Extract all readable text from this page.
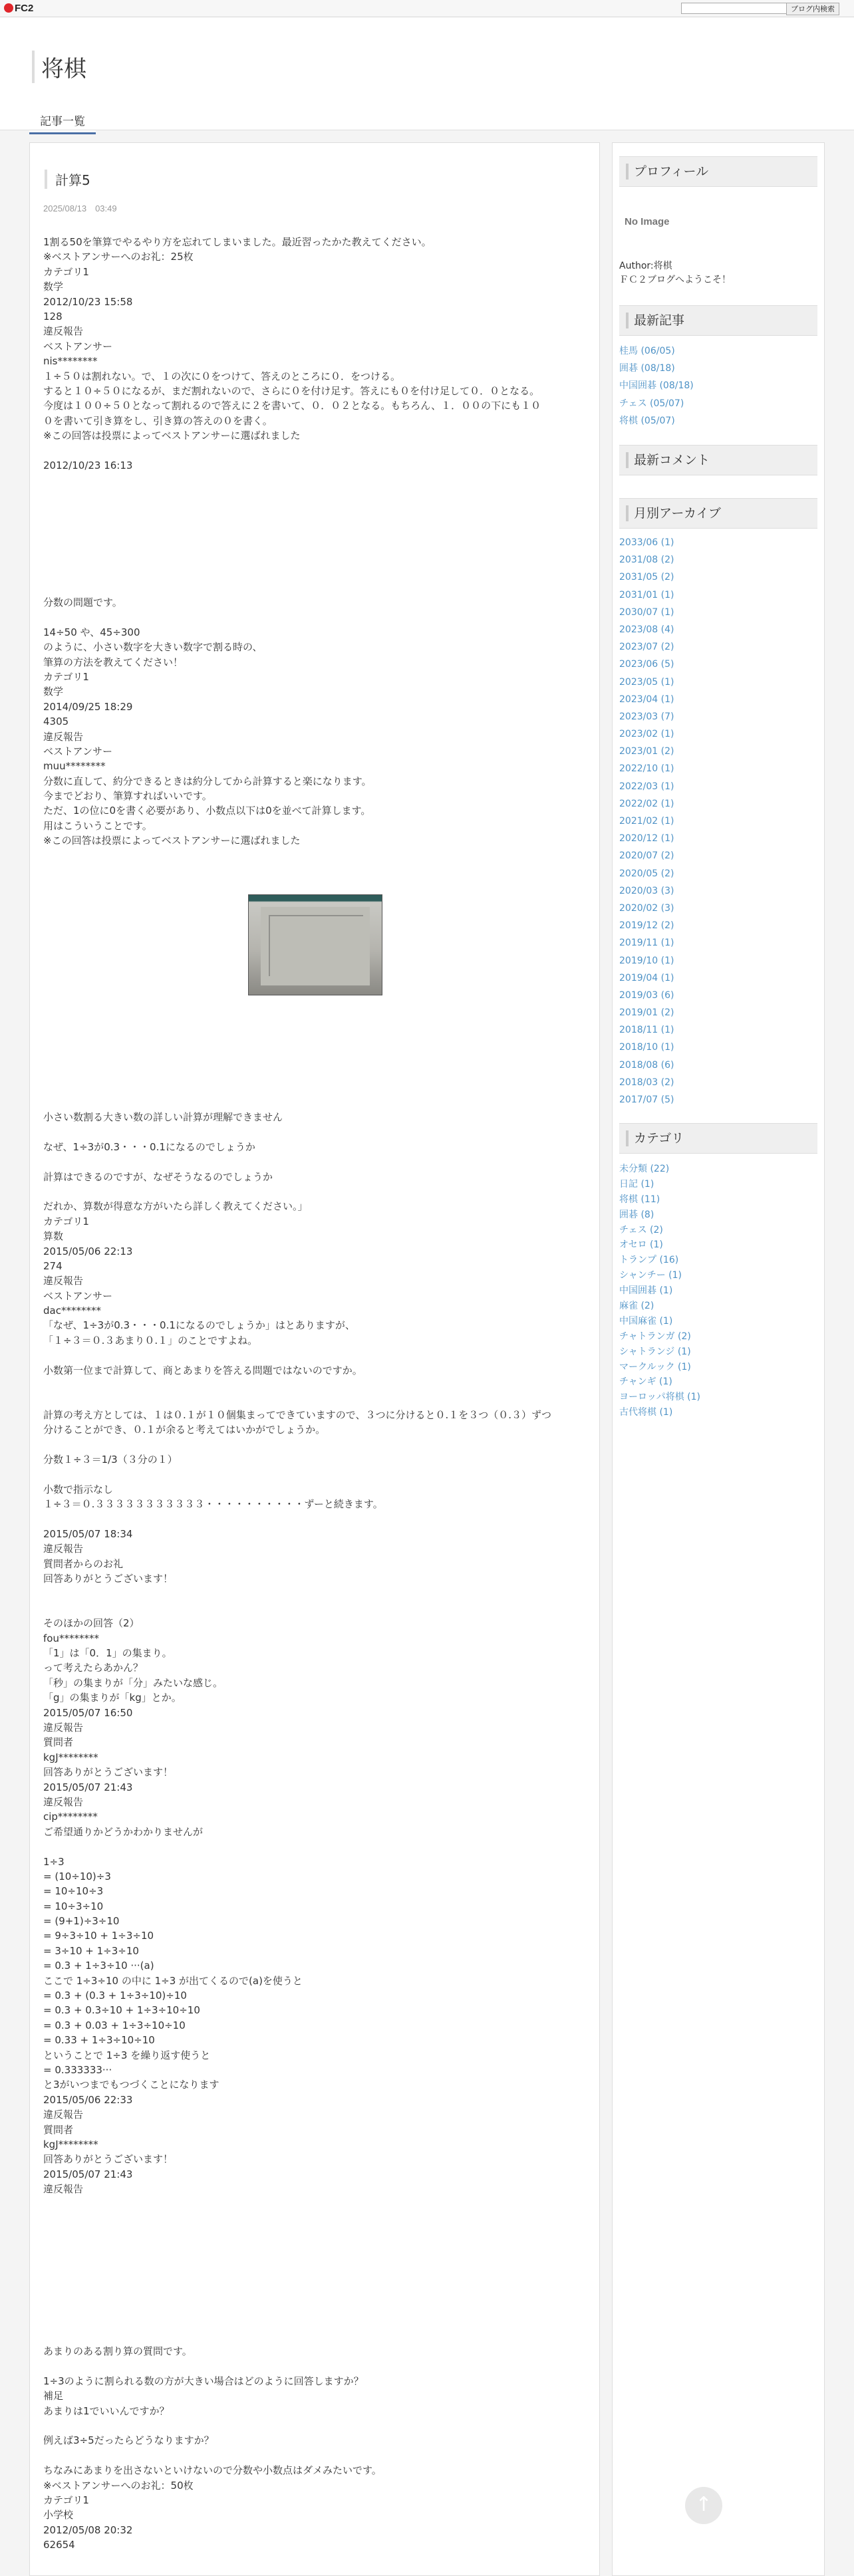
FC2	ブログ内検索
将棋
記事一覧
計算5
2025/08/13　03:49
1割る50を筆算でやるやり方を忘れてしまいました。最近習ったかた教えてください。
※ベストアンサーへのお礼：25枚
カテゴリ1
数学
2012/10/23 15:58
128
違反報告
ベストアンサー
nis********
１÷５０は割れない。で、１の次に０をつけて、答えのところに０．をつける。
すると１０÷５０になるが、まだ割れないので、さらに０を付け足す。答えにも０を付け足して０．０となる。
今度は１００÷５０となって割れるので答えに２を書いて、０．０２となる。もちろん、１．００の下にも１０
０を書いて引き算をし、引き算の答えの０を書く。
※この回答は投票によってベストアンサーに選ばれました
2012/10/23 16:13
分数の問題です。
14÷50 や、45÷300
のように、小さい数字を大きい数字で割る時の、
筆算の方法を教えてください！
カテゴリ1
数学
2014/09/25 18:29
4305
違反報告
ベストアンサー
muu********
分数に直して、約分できるときは約分してから計算すると楽になります。
今までどおり、筆算すればいいです。
ただ、1の位に0を書く必要があり、小数点以下は0を並べて計算します。
用はこういうことです。
※この回答は投票によってベストアンサーに選ばれました
小さい数割る大きい数の詳しい計算が理解できません
なぜ、1÷3が0.3・・・0.1になるのでしょうか
計算はできるのですが、なぜそうなるのでしょうか
だれか、算数が得意な方がいたら詳しく教えてください。」
カテゴリ1
算数
2015/05/06 22:13
274
違反報告
ベストアンサー
dac********
「なぜ、1÷3が0.3・・・0.1になるのでしょうか」はとありますが、
「１÷３＝０.３あまり０.１」のことですよね。
小数第一位まで計算して、商とあまりを答える問題ではないのですか。
計算の考え方としては、１は０.１が１０個集まってできていますので、３つに分けると０.１を３つ（０.３）ずつ
分けることができ、０.１が余ると考えてはいかがでしょうか。
分数１÷３＝1/3（３分の１）
小数で指示なし
１÷３＝０.３３３３３３３３３３３・・・・・・・・・・ずーと続きます。
2015/05/07 18:34
違反報告
質問者からのお礼
回答ありがとうございます！
そのほかの回答（2）
fou********
「1」は「0．1」の集まり。
って考えたらあかん？
「秒」の集まりが「分」みたいな感じ。
「g」の集まりが「kg」とか。
2015/05/07 16:50
違反報告
質問者
kgJ********
回答ありがとうございます！
2015/05/07 21:43
違反報告
cip********
ご希望通りかどうかわかりませんが
1÷3
= (10÷10)÷3
= 10÷10÷3
= 10÷3÷10
= (9+1)÷3÷10
= 9÷3÷10 + 1÷3÷10
= 3÷10 + 1÷3÷10
= 0.3 + 1÷3÷10 ···(a)
ここで 1÷3÷10 の中に 1÷3 が出てくるので(a)を使うと
= 0.3 + (0.3 + 1÷3÷10)÷10
= 0.3 + 0.3÷10 + 1÷3÷10÷10
= 0.3 + 0.03 + 1÷3÷10÷10
= 0.33 + 1÷3÷10÷10
ということで 1÷3 を繰り返す使うと
= 0.333333···
と3がいつまでもつづくことになります
2015/05/06 22:33
違反報告
質問者
kgJ********
回答ありがとうございます！
2015/05/07 21:43
違反報告
あまりのある割り算の質問です。
1÷3のように割られる数の方が大きい場合はどのように回答しますか？
補足
あまりは1でいいんですか？
例えば3÷5だったらどうなりますか？
ちなみにあまりを出さないといけないので分数や小数点はダメみたいです。
※ベストアンサーへのお礼：50枚
カテゴリ1
小学校
2012/05/08 20:32
62654
プロフィール
No Image
Author:将棋
ＦＣ２ブログへようこそ！
最新記事
桂馬 (06/05)
囲碁 (08/18)
中国囲碁 (08/18)
チェス (05/07)
将棋 (05/07)
最新コメント
月別アーカイブ
2033/06 (1)
2031/08 (2)
2031/05 (2)
2031/01 (1)
2030/07 (1)
2023/08 (4)
2023/07 (2)
2023/06 (5)
2023/05 (1)
2023/04 (1)
2023/03 (7)
2023/02 (1)
2023/01 (2)
2022/10 (1)
2022/03 (1)
2022/02 (1)
2021/02 (1)
2020/12 (1)
2020/07 (2)
2020/05 (2)
2020/03 (3)
2020/02 (3)
2019/12 (2)
2019/11 (1)
2019/10 (1)
2019/04 (1)
2019/03 (6)
2019/01 (2)
2018/11 (1)
2018/10 (1)
2018/08 (6)
2018/03 (2)
2017/07 (5)
カテゴリ
未分類 (22)
日記 (1)
将棋 (11)
囲碁 (8)
チェス (2)
オセロ (1)
トランプ (16)
シャンチー (1)
中国囲碁 (1)
麻雀 (2)
中国麻雀 (1)
チャトランガ (2)
シャトランジ (1)
マークルック (1)
チャンギ (1)
ヨーロッパ将棋 (1)
古代将棋 (1)
↑
